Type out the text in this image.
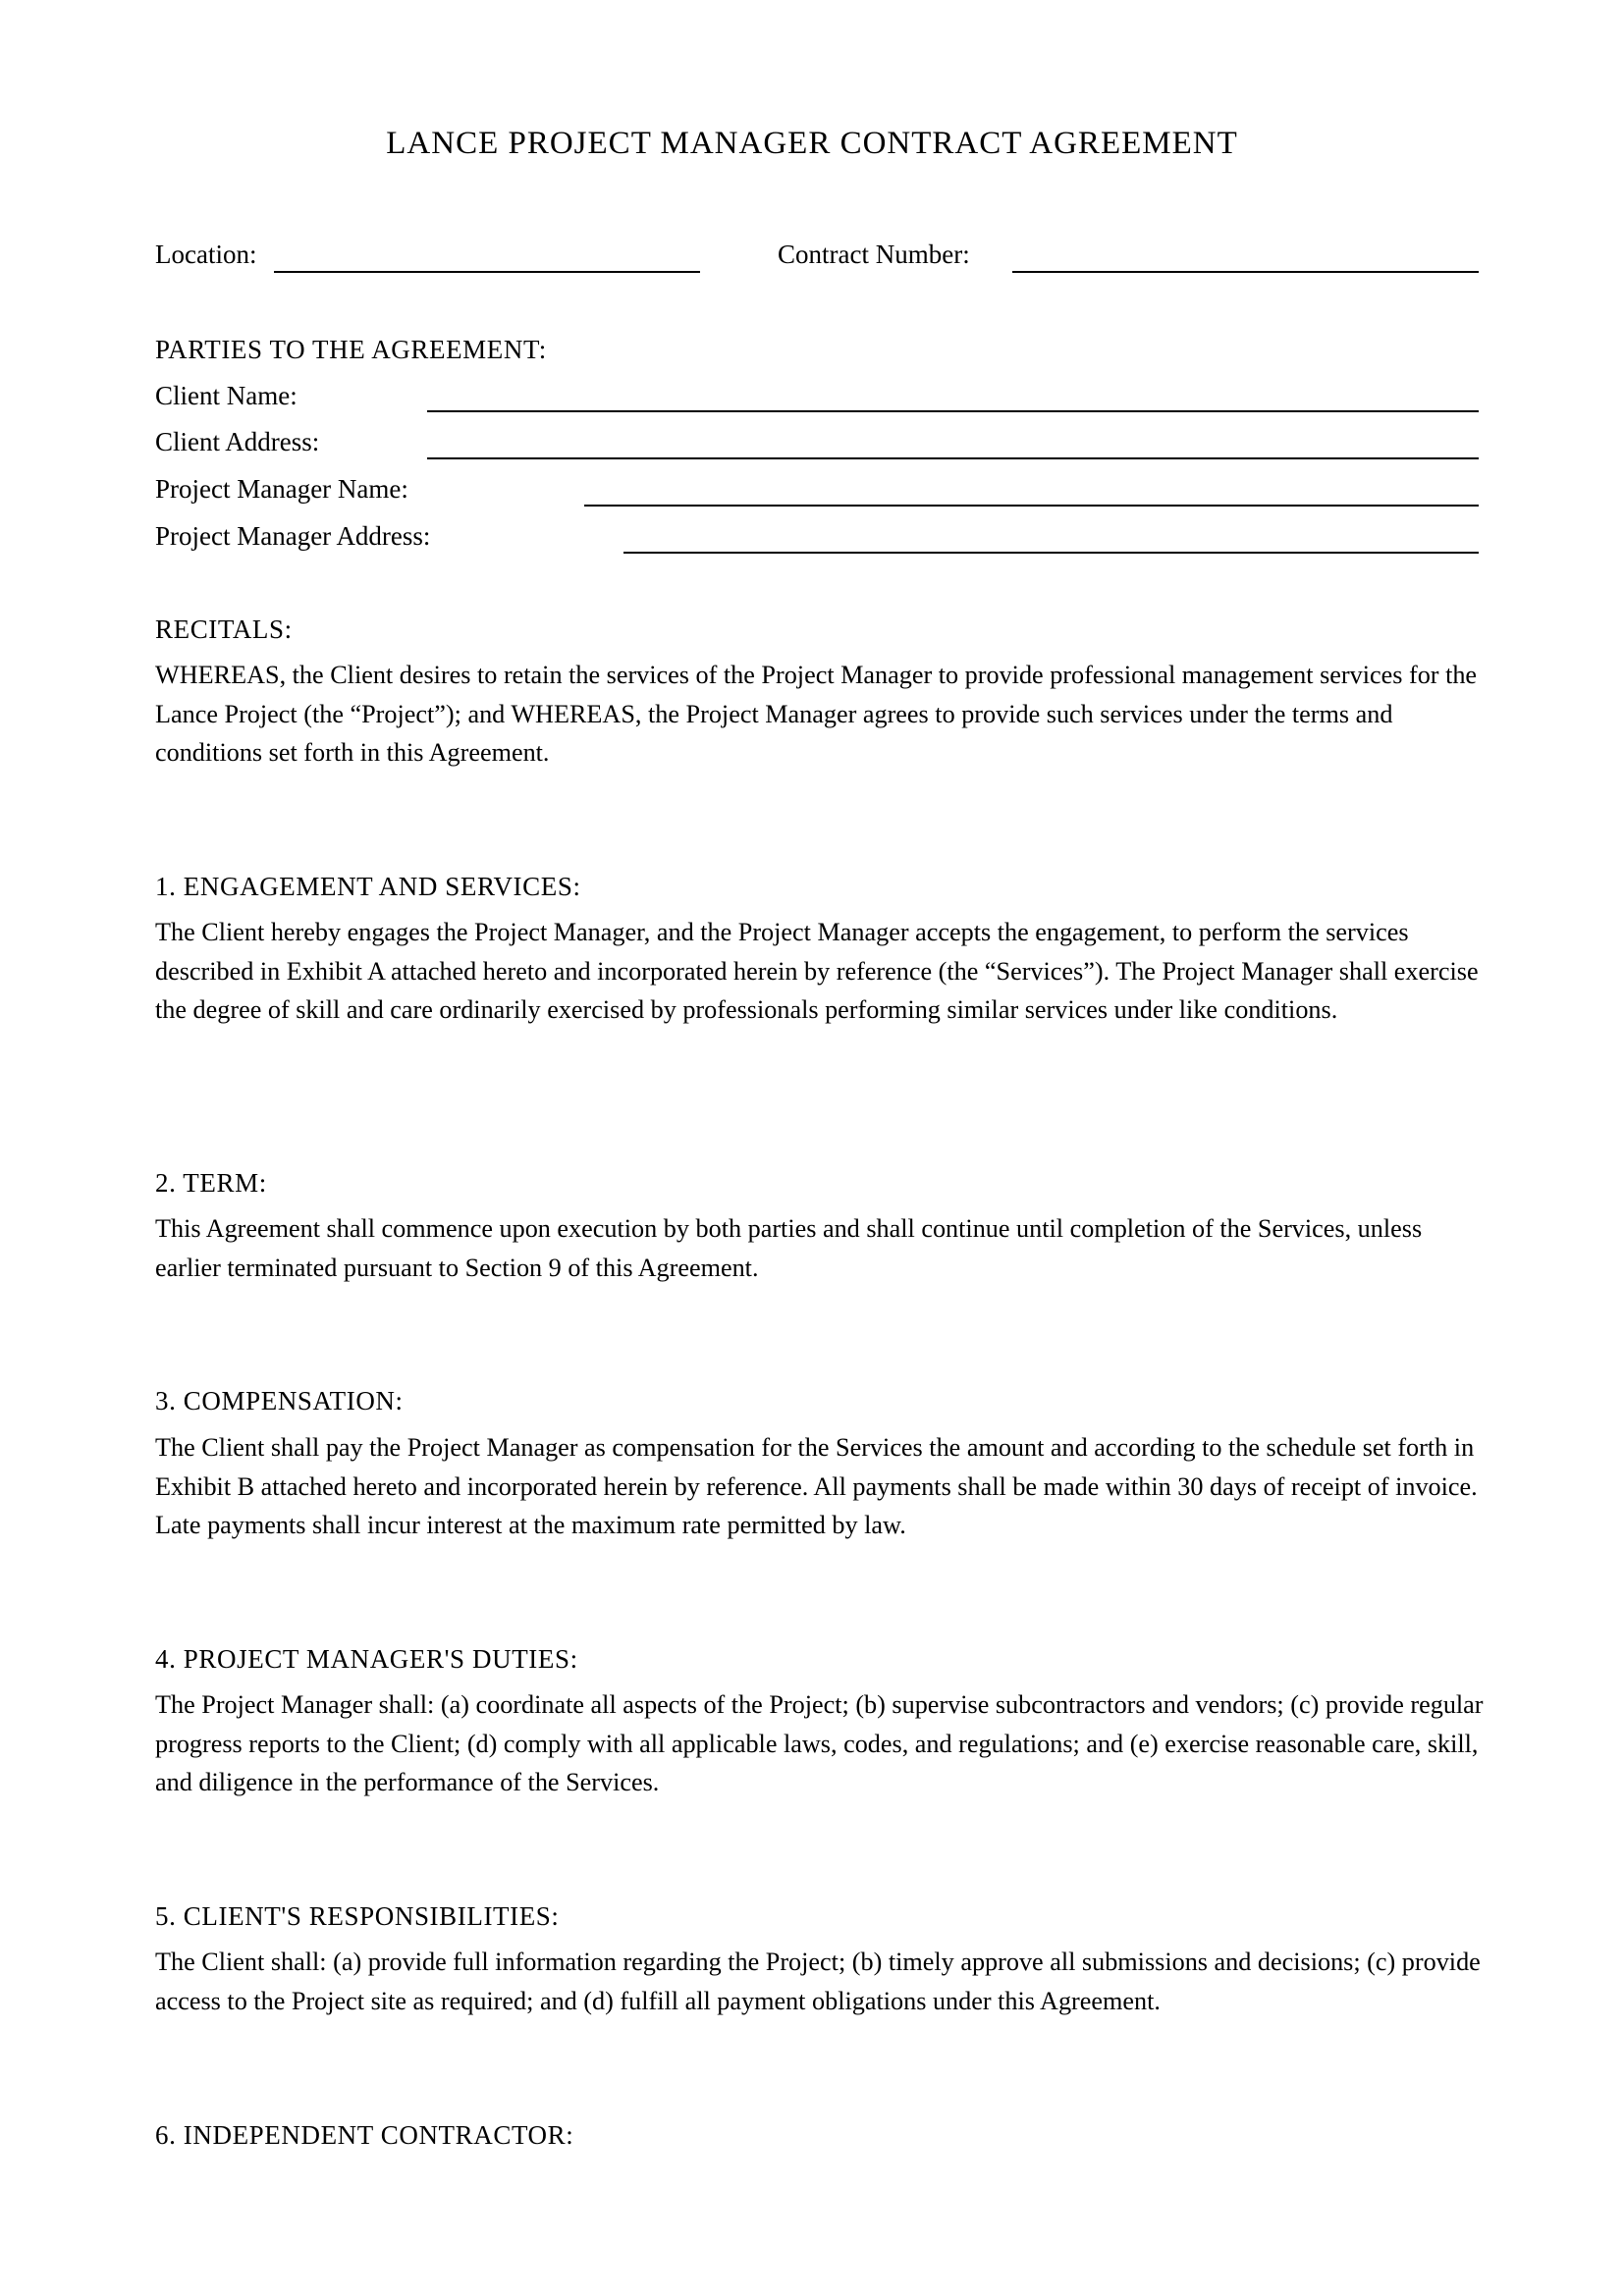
LANCE PROJECT MANAGER CONTRACT AGREEMENT
Location:	Contract Number:
PARTIES TO THE AGREEMENT:
Client Name:
Client Address:
Project Manager Name:
Project Manager Address:
RECITALS:
WHEREAS, the Client desires to retain the services of the Project Manager to provide professional management services for the Lance Project (the “Project”); and WHEREAS, the Project Manager agrees to provide such services under the terms and conditions set forth in this Agreement.
1. ENGAGEMENT AND SERVICES:
The Client hereby engages the Project Manager, and the Project Manager accepts the engagement, to perform the services described in Exhibit A attached hereto and incorporated herein by reference (the “Services”). The Project Manager shall exercise the degree of skill and care ordinarily exercised by professionals performing similar services under like conditions.
2. TERM:
This Agreement shall commence upon execution by both parties and shall continue until completion of the Services, unless earlier terminated pursuant to Section 9 of this Agreement.
3. COMPENSATION:
The Client shall pay the Project Manager as compensation for the Services the amount and according to the schedule set forth in Exhibit B attached hereto and incorporated herein by reference. All payments shall be made within 30 days of receipt of invoice. Late payments shall incur interest at the maximum rate permitted by law.
4. PROJECT MANAGER'S DUTIES:
The Project Manager shall: (a) coordinate all aspects of the Project; (b) supervise subcontractors and vendors; (c) provide regular progress reports to the Client; (d) comply with all applicable laws, codes, and regulations; and (e) exercise reasonable care, skill, and diligence in the performance of the Services.
5. CLIENT'S RESPONSIBILITIES:
The Client shall: (a) provide full information regarding the Project; (b) timely approve all submissions and decisions; (c) provide access to the Project site as required; and (d) fulfill all payment obligations under this Agreement.
6. INDEPENDENT CONTRACTOR:
